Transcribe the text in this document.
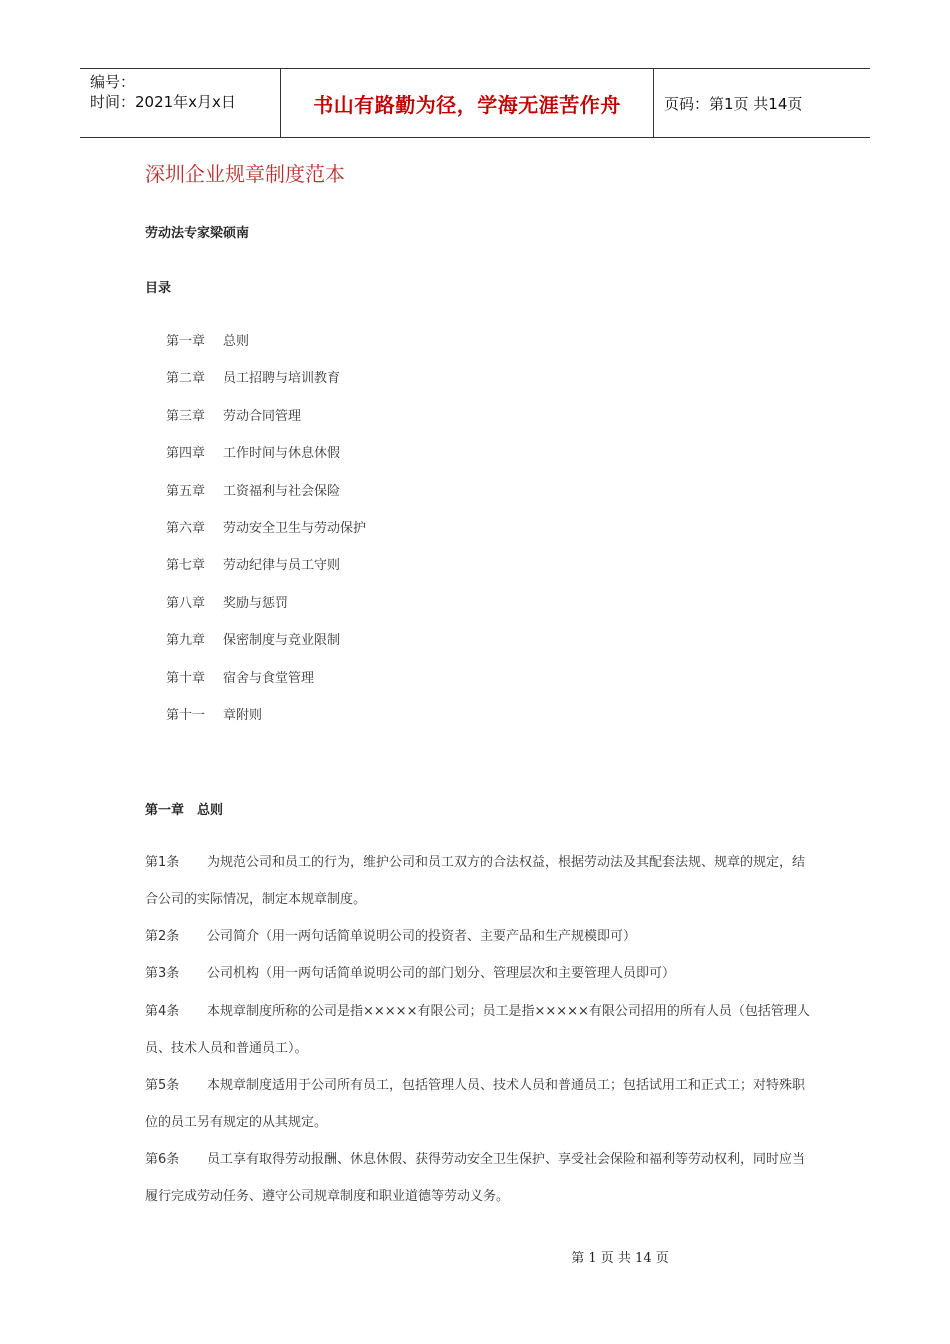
编号：
时间：2021年x月x日	书山有路勤为径，学海无涯苦作舟	页码：第1页 共14页
深圳企业规章制度范本
劳动法专家梁硕南
目录
第一章	总则
第二章	员工招聘与培训教育
第三章	劳动合同管理
第四章	工作时间与休息休假
第五章	工资福利与社会保险
第六章	劳动安全卫生与劳动保护
第七章	劳动纪律与员工守则
第八章	奖励与惩罚
第九章	保密制度与竞业限制
第十章	宿舍与食堂管理
第十一	章附则
第一章　总则

第1条 为规范公司和员工的行为，维护公司和员工双方的合法权益，根据劳动法及其配套法规、规章的规定，结合公司的实际情况，制定本规章制度。

第2条 公司简介（用一两句话简单说明公司的投资者、主要产品和生产规模即可）

第3条 公司机构（用一两句话简单说明公司的部门划分、管理层次和主要管理人员即可）

第4条 本规章制度所称的公司是指×××××有限公司；员工是指×××××有限公司招用的所有人员（包括管理人员、技术人员和普通员工）。

第5条 本规章制度适用于公司所有员工，包括管理人员、技术人员和普通员工；包括试用工和正式工；对特殊职位的员工另有规定的从其规定。

第6条 员工享有取得劳动报酬、休息休假、获得劳动安全卫生保护、享受社会保险和福利等劳动权利，同时应当履行完成劳动任务、遵守公司规章制度和职业道德等劳动义务。

第 1 页 共 14 页
